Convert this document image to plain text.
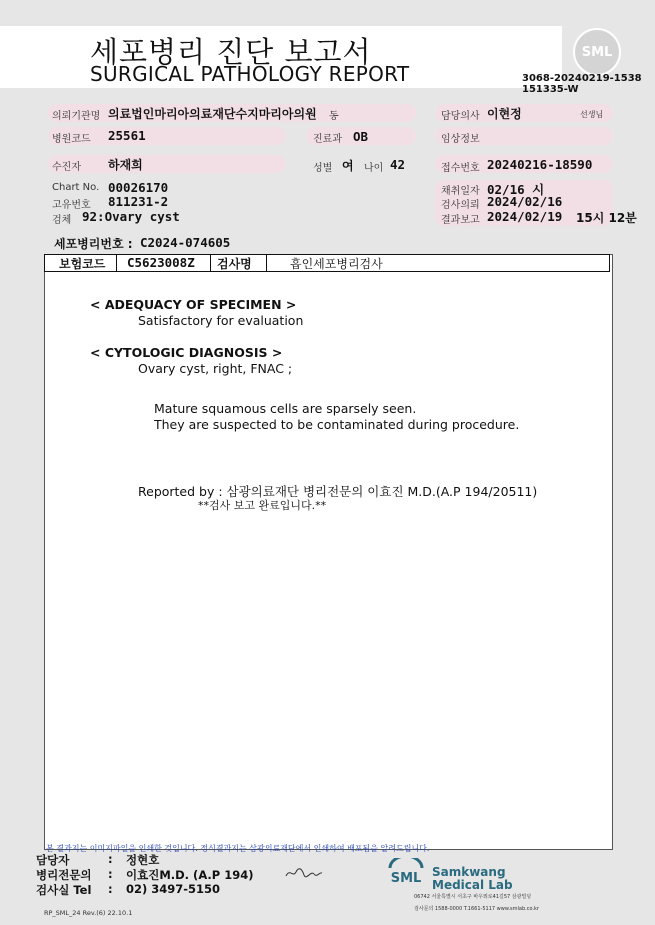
SML
세포병리 진단 보고서
SURGICAL PATHOLOGY REPORT	3068-20240219-1538
151335-W
의뢰기관명 의료법인마리아의료재단수지마리아의원 동	담당의사 이현정	선생님
병원코드 25561	진료과 OB	임상정보
수진자 하재희	성별 여 나이 42	접수번호 20240216-18590
Chart No. 00026170
고유번호 811231-2
검체 92:Ovary cyst
채취일자 02/16 시
검사의뢰 2024/02/16
결과보고 2024/02/19 15시 12분
세포병리번호 : C2024-074605
보험코드 C5623008Z 검사명	흡인세포병리검사
< ADEQUACY OF SPECIMEN >
Satisfactory for evaluation
< CYTOLOGIC DIAGNOSIS >
Ovary cyst, right, FNAC ;
Mature squamous cells are sparsely seen.
They are suspected to be contaminated during procedure.
Reported by : 삼광의료재단 병리전문의 이효진 M.D.(A.P 194/20511)
**검사 보고 완료입니다.**
본 결과지는 이미지파일을 인쇄한 것입니다. 정식결과지는 삼광의료재단에서 인쇄하여 배포됨을 알려드립니다.
담당자	: 정현호
병리전문의 : 이효진M.D. (A.P 194)
검사실 Tel : 02) 3497-5150
RP_SML_24 Rev.(6) 22.10.1
SML Samkwang
Medical Lab
06742 서울특별시 서초구 바우뫼로41길57 삼광빌딩
검사문의 1588-0000 T.1661-5117 www.smlab.co.kr
